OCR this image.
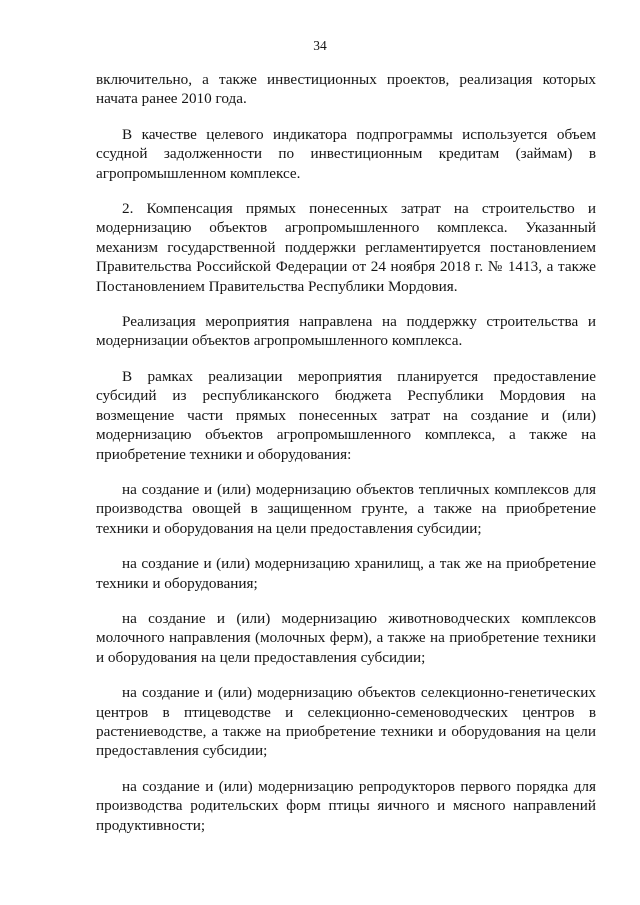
34

включительно, а также инвестиционных проектов, реализация которых начата ранее 2010 года.

В качестве целевого индикатора подпрограммы используется объем ссудной задолженности по инвестиционным кредитам (займам) в агропромышленном комплексе.

2. Компенсация прямых понесенных затрат на строительство и модернизацию объектов агропромышленного комплекса. Указанный механизм государственной поддержки регламентируется постановлением Правительства Российской Федерации от 24 ноября 2018 г. № 1413, а также Постановлением Правительства Республики Мордовия.

Реализация мероприятия направлена на поддержку строительства и модернизации объектов агропромышленного комплекса.

В рамках реализации мероприятия планируется предоставление субсидий из республиканского бюджета Республики Мордовия на возмещение части прямых понесенных затрат на создание и (или) модернизацию объектов агропромышленного комплекса, а также на приобретение техники и оборудования:

на создание и (или) модернизацию объектов тепличных комплексов для производства овощей в защищенном грунте, а также на приобретение техники и оборудования на цели предоставления субсидии;

на создание и (или) модернизацию хранилищ, а так же на приобретение техники и оборудования;

на создание и (или) модернизацию животноводческих комплексов молочного направления (молочных ферм), а также на приобретение техники и оборудования на цели предоставления субсидии;

на создание и (или) модернизацию объектов селекционно-генетических центров в птицеводстве и селекционно-семеноводческих центров в растениеводстве, а также на приобретение техники и оборудования на цели предоставления субсидии;

на создание и (или) модернизацию репродукторов первого порядка для производства родительских форм птицы яичного и мясного направлений продуктивности;
